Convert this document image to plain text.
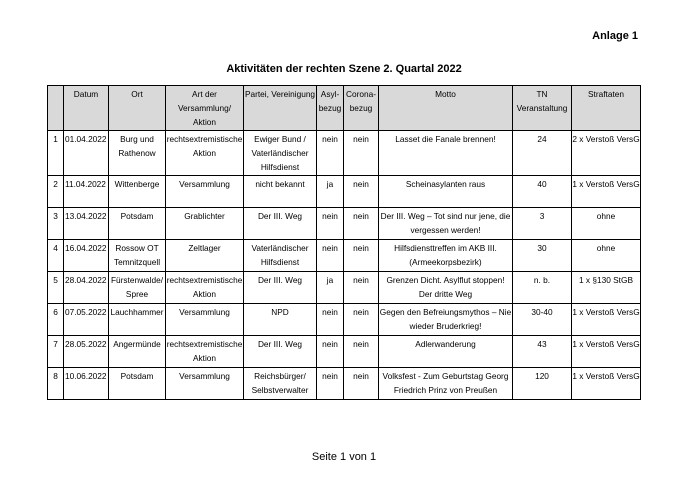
Anlage 1
Aktivitäten der rechten Szene 2. Quartal 2022
	Datum	Ort	Art der Versammlung/ Aktion	Partei, Vereinigung	Asyl-bezug	Corona-bezug	Motto	TN Veranstaltung	Straftaten
1	01.04.2022	Burg und Rathenow	rechtsextremistische Aktion	Ewiger Bund / Vaterländischer Hilfsdienst	nein	nein	Lasset die Fanale brennen!	24	2 x Verstoß VersG
2	11.04.2022	Wittenberge	Versammlung	nicht bekannt	ja	nein	Scheinasylanten raus	40	1 x Verstoß VersG
3	13.04.2022	Potsdam	Grablichter	Der III. Weg	nein	nein	Der III. Weg – Tot sind nur jene, die vergessen werden!	3	ohne
4	16.04.2022	Rossow OT Temnitzquell	Zeltlager	Vaterländischer Hilfsdienst	nein	nein	Hilfsdiensttreffen im AKB III. (Armeekorpsbezirk)	30	ohne
5	28.04.2022	Fürstenwalde/ Spree	rechtsextremistische Aktion	Der III. Weg	ja	nein	Grenzen Dicht. Asylflut stoppen! Der dritte Weg	n. b.	1 x §130 StGB
6	07.05.2022	Lauchhammer	Versammlung	NPD	nein	nein	Gegen den Befreiungsmythos – Nie wieder Bruderkrieg!	30-40	1 x Verstoß VersG
7	28.05.2022	Angermünde	rechtsextremistische Aktion	Der III. Weg	nein	nein	Adlerwanderung	43	1 x Verstoß VersG
8	10.06.2022	Potsdam	Versammlung	Reichsbürger/ Selbstverwalter	nein	nein	Volksfest - Zum Geburtstag Georg Friedrich Prinz von Preußen	120	1 x Verstoß VersG
Seite 1 von 1
